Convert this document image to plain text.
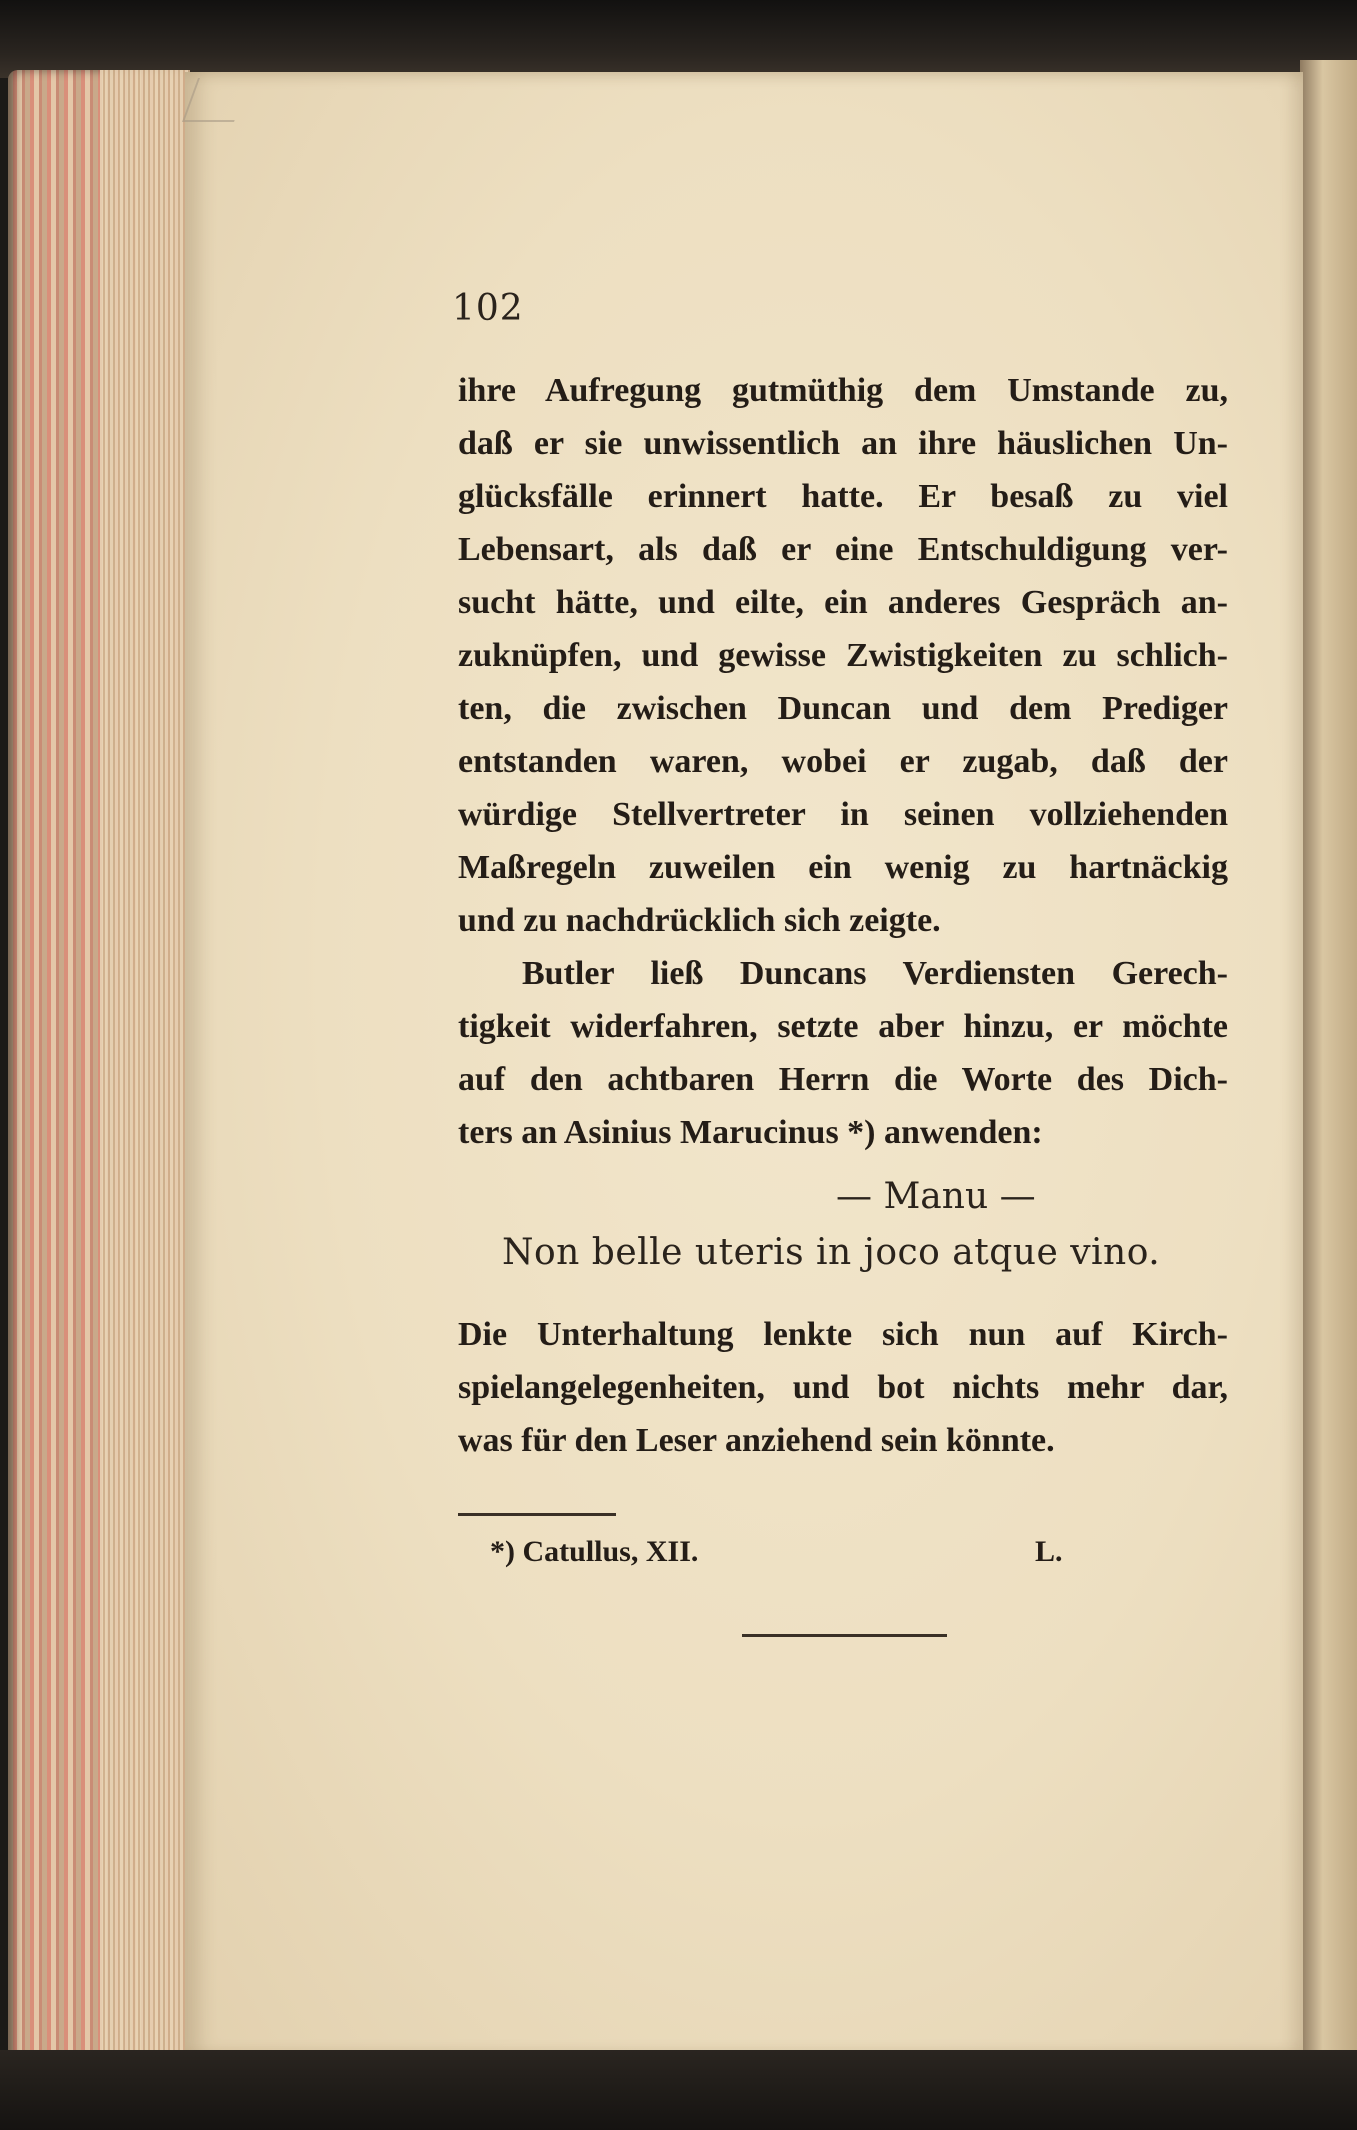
102
ihre Aufregung gutmüthig dem Umstande zu,
daß er sie unwissentlich an ihre häuslichen Un-
glücksfälle erinnert hatte. Er besaß zu viel
Lebensart, als daß er eine Entschuldigung ver-
sucht hätte, und eilte, ein anderes Gespräch an-
zuknüpfen, und gewisse Zwistigkeiten zu schlich-
ten, die zwischen Duncan und dem Prediger
entstanden waren, wobei er zugab, daß der
würdige Stellvertreter in seinen vollziehenden
Maßregeln zuweilen ein wenig zu hartnäckig
und zu nachdrücklich sich zeigte.
Butler ließ Duncans Verdiensten Gerech-
tigkeit widerfahren, setzte aber hinzu, er möchte
auf den achtbaren Herrn die Worte des Dich-
ters an Asinius Marucinus *) anwenden:
— Manu —
Non belle uteris in joco atque vino.
Die Unterhaltung lenkte sich nun auf Kirch-
spielangelegenheiten, und bot nichts mehr dar,
was für den Leser anziehend sein könnte.
*) Catullus, XII.	L.
